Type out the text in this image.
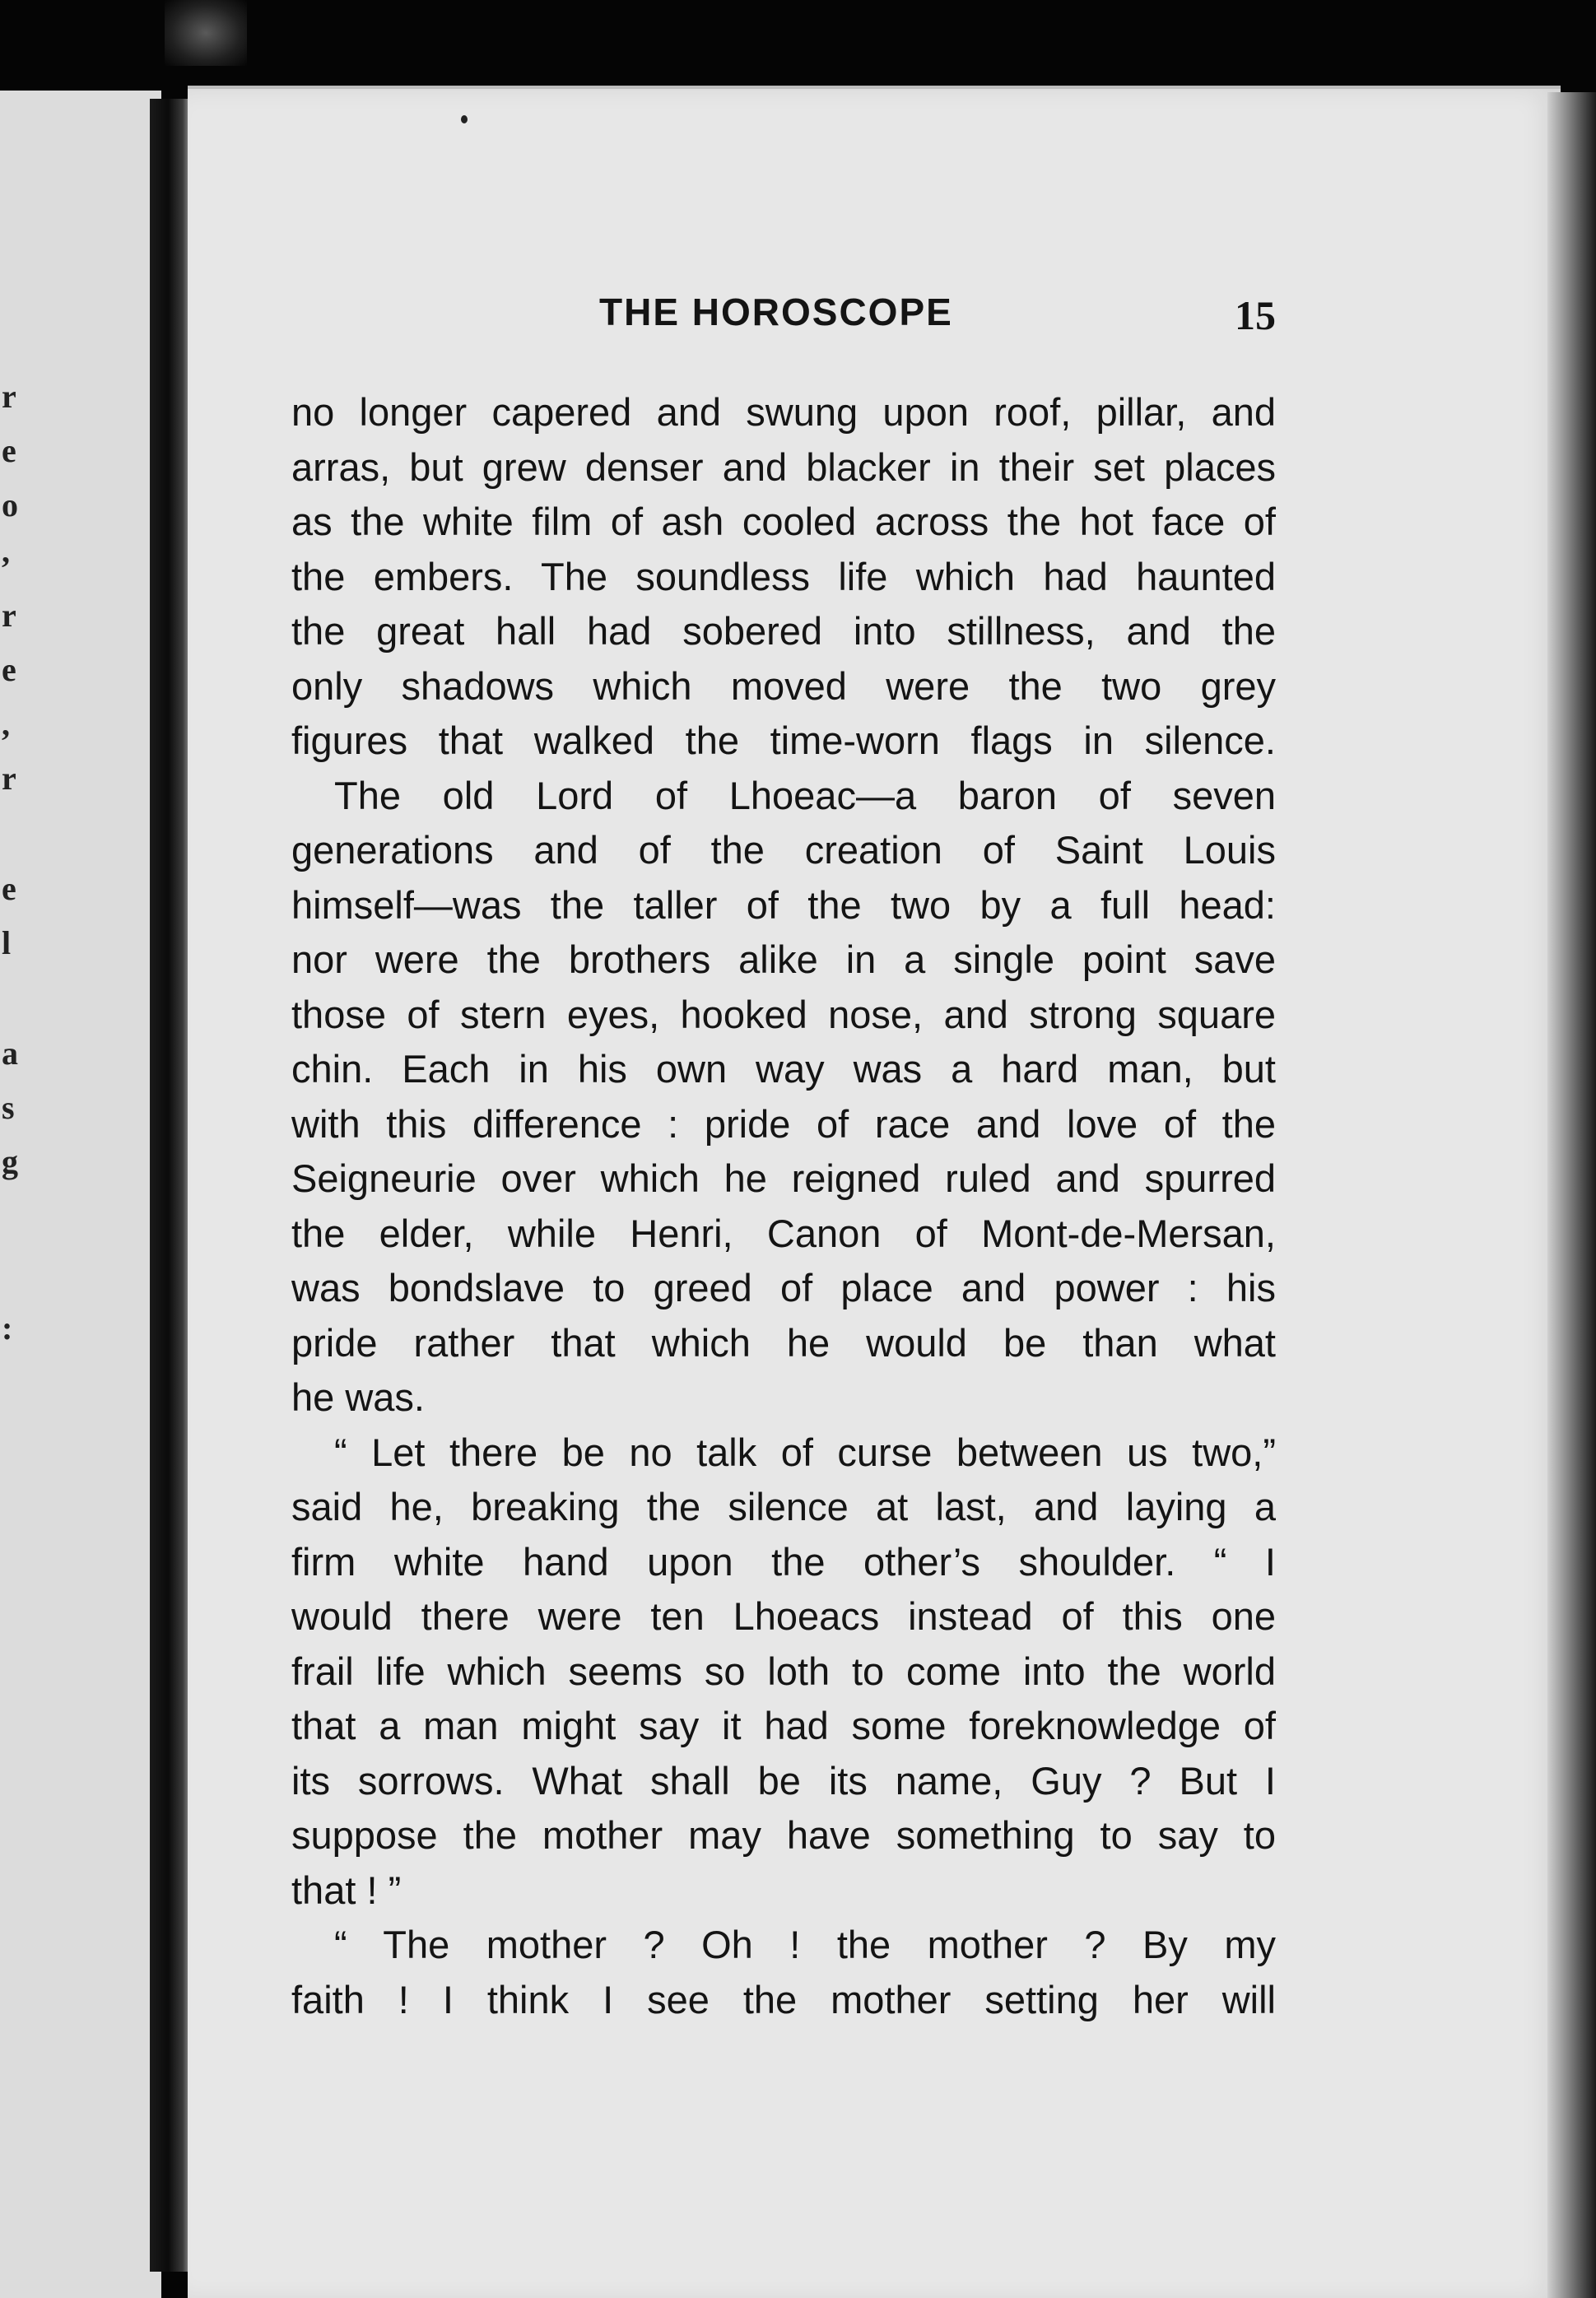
r
e
o
,
r
e
,
r
e
l
a
s
g
:
THE HOROSCOPE	15
no longer capered and swung upon roof, pillar, and
arras, but grew denser and blacker in their set places
as the white film of ash cooled across the hot face of
the embers. The soundless life which had haunted
the great hall had sobered into stillness, and the
only shadows which moved were the two grey
figures that walked the time-worn flags in silence.
The old Lord of Lhoeac—a baron of seven
generations and of the creation of Saint Louis
himself—was the taller of the two by a full head:
nor were the brothers alike in a single point save
those of stern eyes, hooked nose, and strong square
chin. Each in his own way was a hard man, but
with this difference : pride of race and love of the
Seigneurie over which he reigned ruled and spurred
the elder, while Henri, Canon of Mont-de-Mersan,
was bondslave to greed of place and power : his
pride rather that which he would be than what
he was.
“ Let there be no talk of curse between us two,”
said he, breaking the silence at last, and laying a
firm white hand upon the other’s shoulder. “ I
would there were ten Lhoeacs instead of this one
frail life which seems so loth to come into the world
that a man might say it had some foreknowledge of
its sorrows. What shall be its name, Guy ? But I
suppose the mother may have something to say to
that ! ”
“ The mother ? Oh ! the mother ? By my
faith ! I think I see the mother setting her will
